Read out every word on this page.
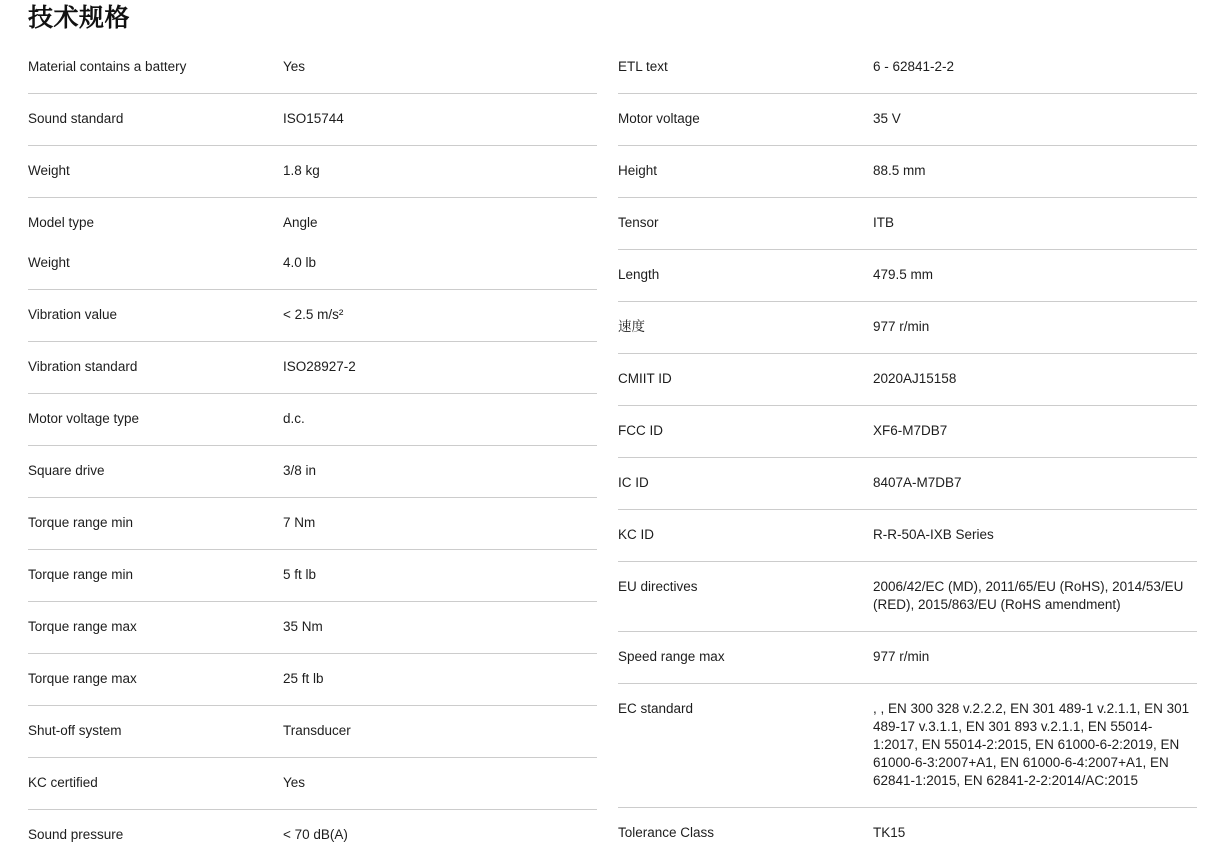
技术规格
Material contains a battery	Yes
Sound standard	ISO15744
Weight	1.8 kg
Model type	Angle
Weight	4.0 lb
Vibration value	< 2.5 m/s²
Vibration standard	ISO28927-2
Motor voltage type	d.c.
Square drive	3/8 in
Torque range min	7 Nm
Torque range min	5 ft lb
Torque range max	35 Nm
Torque range max	25 ft lb
Shut-off system	Transducer
KC certified	Yes
Sound pressure	< 70 dB(A)
ETL text	6 - 62841-2-2
Motor voltage	35 V
Height	88.5 mm
Tensor	ITB
Length	479.5 mm
速度	977 r/min
CMIIT ID	2020AJ15158
FCC ID	XF6-M7DB7
IC ID	8407A-M7DB7
KC ID	R-R-50A-IXB Series
EU directives	2006/42/EC (MD), 2011/65/EU (RoHS), 2014/53/EU (RED), 2015/863/EU (RoHS amendment)
Speed range max	977 r/min
EC standard	, , EN 300 328 v.2.2.2, EN 301 489-1 v.2.1.1, EN 301 489-17 v.3.1.1, EN 301 893 v.2.1.1, EN 55014-1:2017, EN 55014-2:2015, EN 61000-6-2:2019, EN 61000-6-3:2007+A1, EN 61000-6-4:2007+A1, EN 62841-1:2015, EN 62841-2-2:2014/AC:2015
Tolerance Class	TK15
